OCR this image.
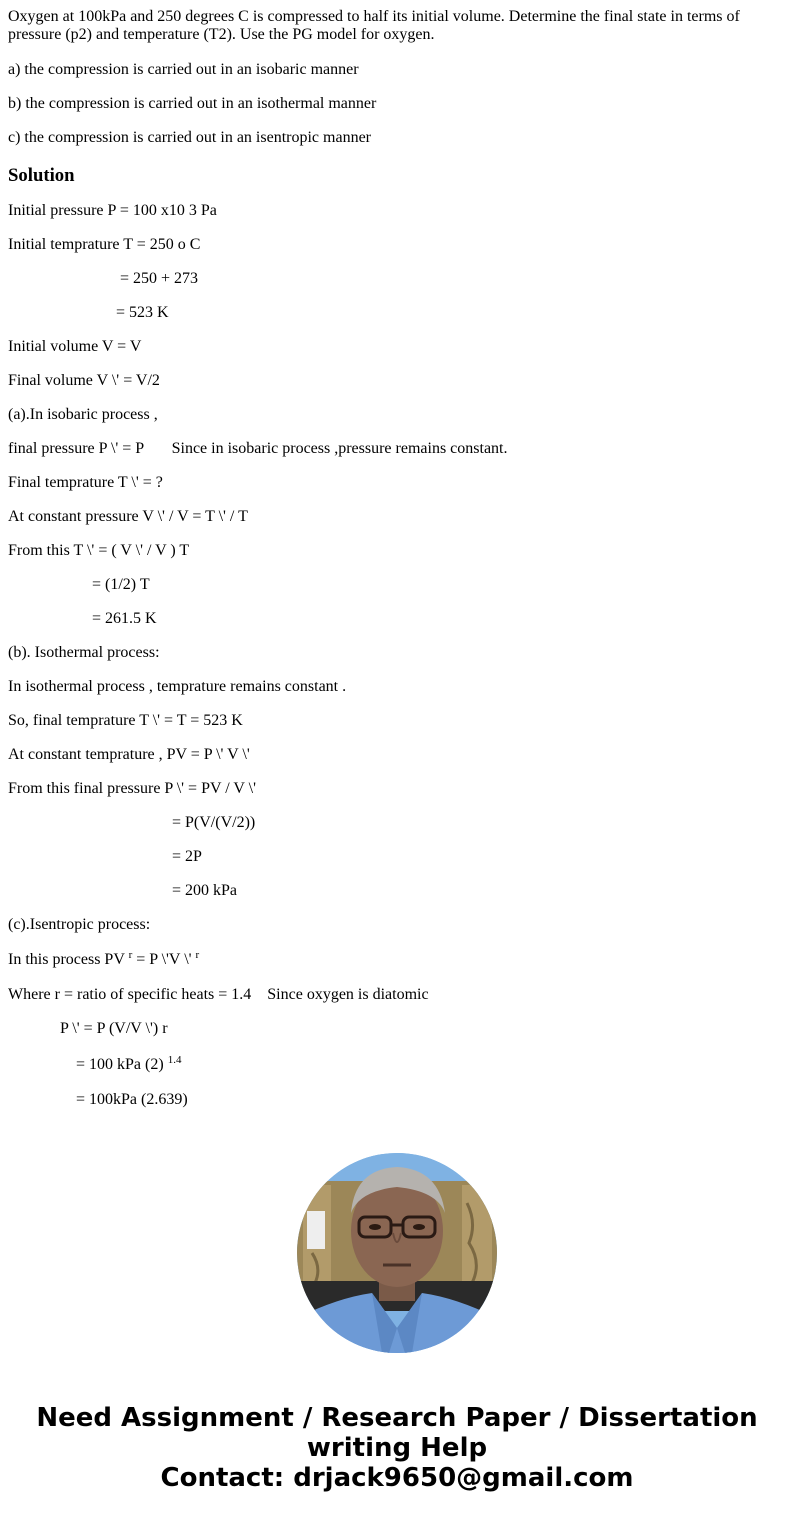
Oxygen at 100kPa and 250 degrees C is compressed to half its initial volume. Determine the final state in terms of pressure (p2) and temperature (T2). Use the PG model for oxygen.

a) the compression is carried out in an isobaric manner

b) the compression is carried out in an isothermal manner

c) the compression is carried out in an isentropic manner

Solution

Initial pressure P = 100 x10 3 Pa

Initial temprature T = 250 o C

= 250 + 273

= 523 K

Initial volume V = V

Final volume V \' = V/2

(a).In isobaric process ,

final pressure P \' = P       Since in isobaric process ,pressure remains constant.

Final temprature T \' = ?

At constant pressure V \' / V = T \' / T

From this T \' = ( V \' / V ) T

= (1/2) T

= 261.5 K

(b). Isothermal process:

In isothermal process , temprature remains constant .

So, final temprature T \' = T = 523 K

At constant temprature , PV = P \' V \'

From this final pressure P \' = PV / V \'

= P(V/(V/2))

= 2P

= 200 kPa

(c).Isentropic process:

In this process PV $^r$ = P \'V \' $^r$

Where r = ratio of specific heats = 1.4    Since oxygen is diatomic

P \' = P (V/V \') r

= 100 kPa (2) $^{1.4}$

= 100kPa (2.639)

Need Assignment / Research Paper / Dissertation
writing Help
Contact: drjack9650@gmail.com
